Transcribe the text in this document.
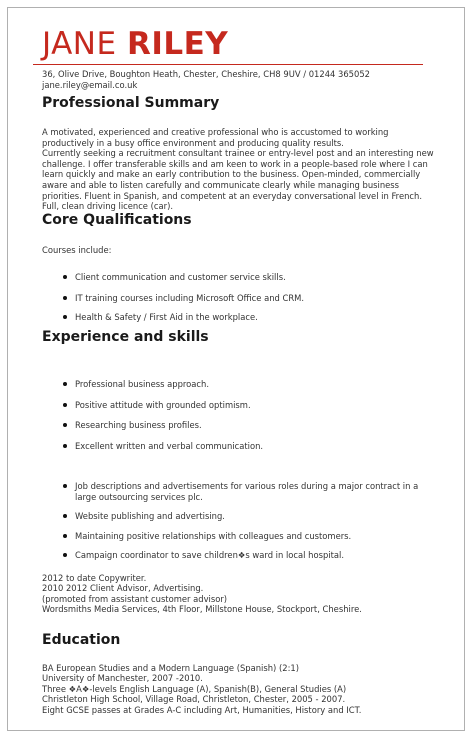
JANE RILEY
36, Olive Drive, Boughton Heath, Chester, Cheshire, CH8 9UV / 01244 365052
jane.riley@email.co.uk
Professional Summary
A motivated, experienced and creative professional who is accustomed to working
productively in a busy office environment and producing quality results.
Currently seeking a recruitment consultant trainee or entry-level post and an interesting new
challenge. I offer transferable skills and am keen to work in a people-based role where I can
learn quickly and make an early contribution to the business. Open-minded, commercially
aware and able to listen carefully and communicate clearly while managing business
priorities. Fluent in Spanish, and competent at an everyday conversational level in French.
Full, clean driving licence (car).
Core Qualifications
Courses include:
Client communication and customer service skills.
IT training courses including Microsoft Office and CRM.
Health & Safety / First Aid in the workplace.
Experience and skills
Professional business approach.
Positive attitude with grounded optimism.
Researching business profiles.
Excellent written and verbal communication.
Job descriptions and advertisements for various roles during a major contract in a
large outsourcing services plc.
Website publishing and advertising.
Maintaining positive relationships with colleagues and customers.
Campaign coordinator to save children❖s ward in local hospital.
2012 to date Copywriter.
2010 2012 Client Advisor, Advertising.
(promoted from assistant customer advisor)
Wordsmiths Media Services, 4th Floor, Millstone House, Stockport, Cheshire.
Education
BA European Studies and a Modern Language (Spanish) (2:1)
University of Manchester, 2007 -2010.
Three ❖A❖-levels English Language (A), Spanish(B), General Studies (A)
Christleton High School, Village Road, Christleton, Chester, 2005 - 2007.
Eight GCSE passes at Grades A-C including Art, Humanities, History and ICT.
